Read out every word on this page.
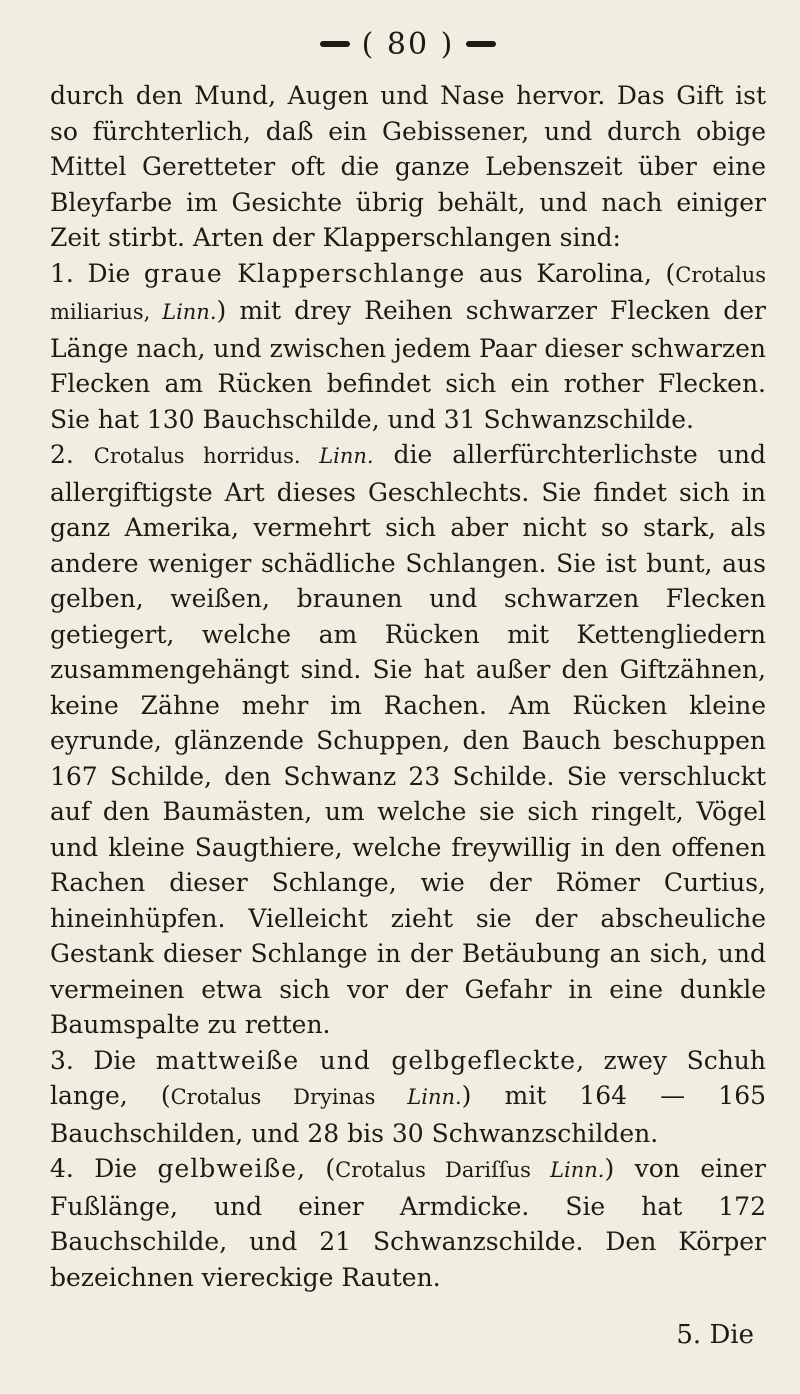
( 80 )

durch den Mund, Augen und Nase hervor. Das Gift ist so fürchterlich, daß ein Gebissener, und durch obige Mittel Geretteter oft die ganze Lebenszeit über eine Bleyfarbe im Gesichte übrig behält, und nach einiger Zeit stirbt. Arten der Klapperschlangen sind:

1. Die graue Klapperschlange aus Karolina, (Crotalus miliarius, Linn.) mit drey Reihen schwarzer Flecken der Länge nach, und zwischen jedem Paar dieser schwarzen Flecken am Rücken befindet sich ein rother Flecken. Sie hat 130 Bauchschilde, und 31 Schwanzschilde.

2. Crotalus horridus. Linn. die allerfürchterlichste und allergiftigste Art dieses Geschlechts. Sie findet sich in ganz Amerika, vermehrt sich aber nicht so stark, als andere weniger schädliche Schlangen. Sie ist bunt, aus gelben, weißen, braunen und schwarzen Flecken getiegert, welche am Rücken mit Kettengliedern zusammengehängt sind. Sie hat außer den Giftzähnen, keine Zähne mehr im Rachen. Am Rücken kleine eyrunde, glänzende Schuppen, den Bauch beschuppen 167 Schilde, den Schwanz 23 Schilde. Sie verschluckt auf den Baumästen, um welche sie sich ringelt, Vögel und kleine Saugthiere, welche freywillig in den offenen Rachen dieser Schlange, wie der Römer Curtius, hineinhüpfen. Vielleicht zieht sie der abscheuliche Gestank dieser Schlange in der Betäubung an sich, und vermeinen etwa sich vor der Gefahr in eine dunkle Baumspalte zu retten.

3. Die mattweiße und gelbgefleckte, zwey Schuh lange, (Crotalus Dryinas Linn.) mit 164 — 165 Bauchschilden, und 28 bis 30 Schwanzschilden.

4. Die gelbweiße, (Crotalus Dariſſus Linn.) von einer Fußlänge, und einer Armdicke. Sie hat 172 Bauchschilde, und 21 Schwanzschilde. Den Körper bezeichnen viereckige Rauten.

5. Die
